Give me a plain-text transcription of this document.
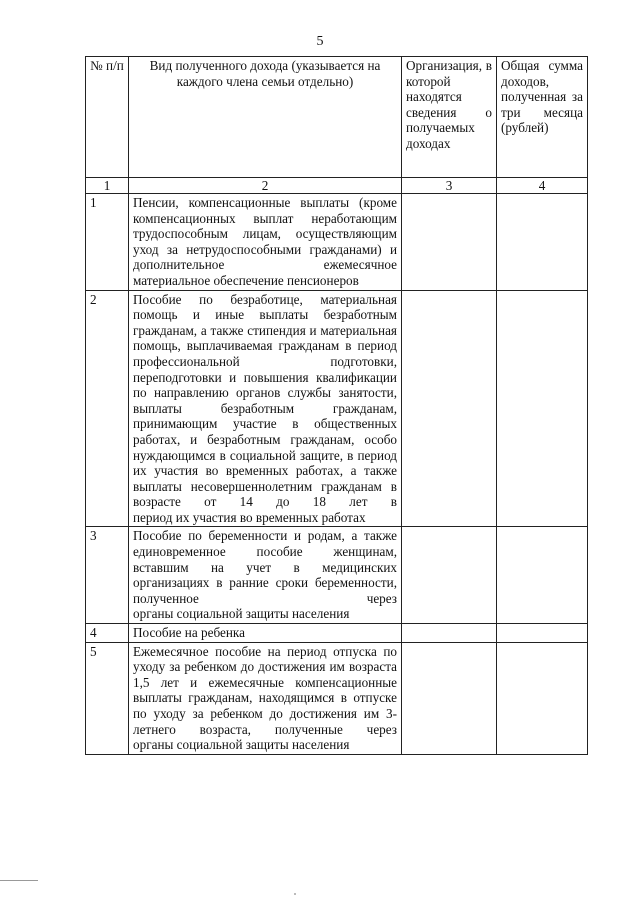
5
№ п/п	Вид полученного дохода (указывается на каждого члена семьи отдельно)	Организация, в которой находятся сведения о получаемых доходах	Общая сумма доходов, полученная за три месяца (рублей)
1	2	3	4
1	Пенсии, компенсационные выплаты (кроме компенсационных выплат неработающим трудоспособным лицам, осуществляющим уход за нетрудоспособными гражданами) и дополнительное ежемесячное
материальное обеспечение пенсионеров		

2	Пособие по безработице, материальная помощь и иные выплаты безработным гражданам, а также стипендия и материальная помощь, выплачиваемая гражданам в период профессиональной подготовки, переподготовки и повышения квалификации по направлению органов службы занятости, выплаты безработным гражданам, принимающим участие в общественных работах, и безработным гражданам, особо нуждающимся в социальной защите, в период их участия во временных работах, а также выплаты несовершеннолетним гражданам в возрасте от 14 до 18 лет в
период их участия во временных работах		

3	Пособие по беременности и родам, а также единовременное пособие женщинам, вставшим на учет в медицинских организациях в ранние сроки беременности, полученное через
органы социальной защиты населения		

4	Пособие на ребенка		

5	Ежемесячное пособие на период отпуска по уходу за ребенком до достижения им возраста 1,5 лет и ежемесячные компенсационные выплаты гражданам, находящимся в отпуске по уходу за ребенком до достижения им 3-летнего возраста, полученные через
органы социальной защиты населения		
